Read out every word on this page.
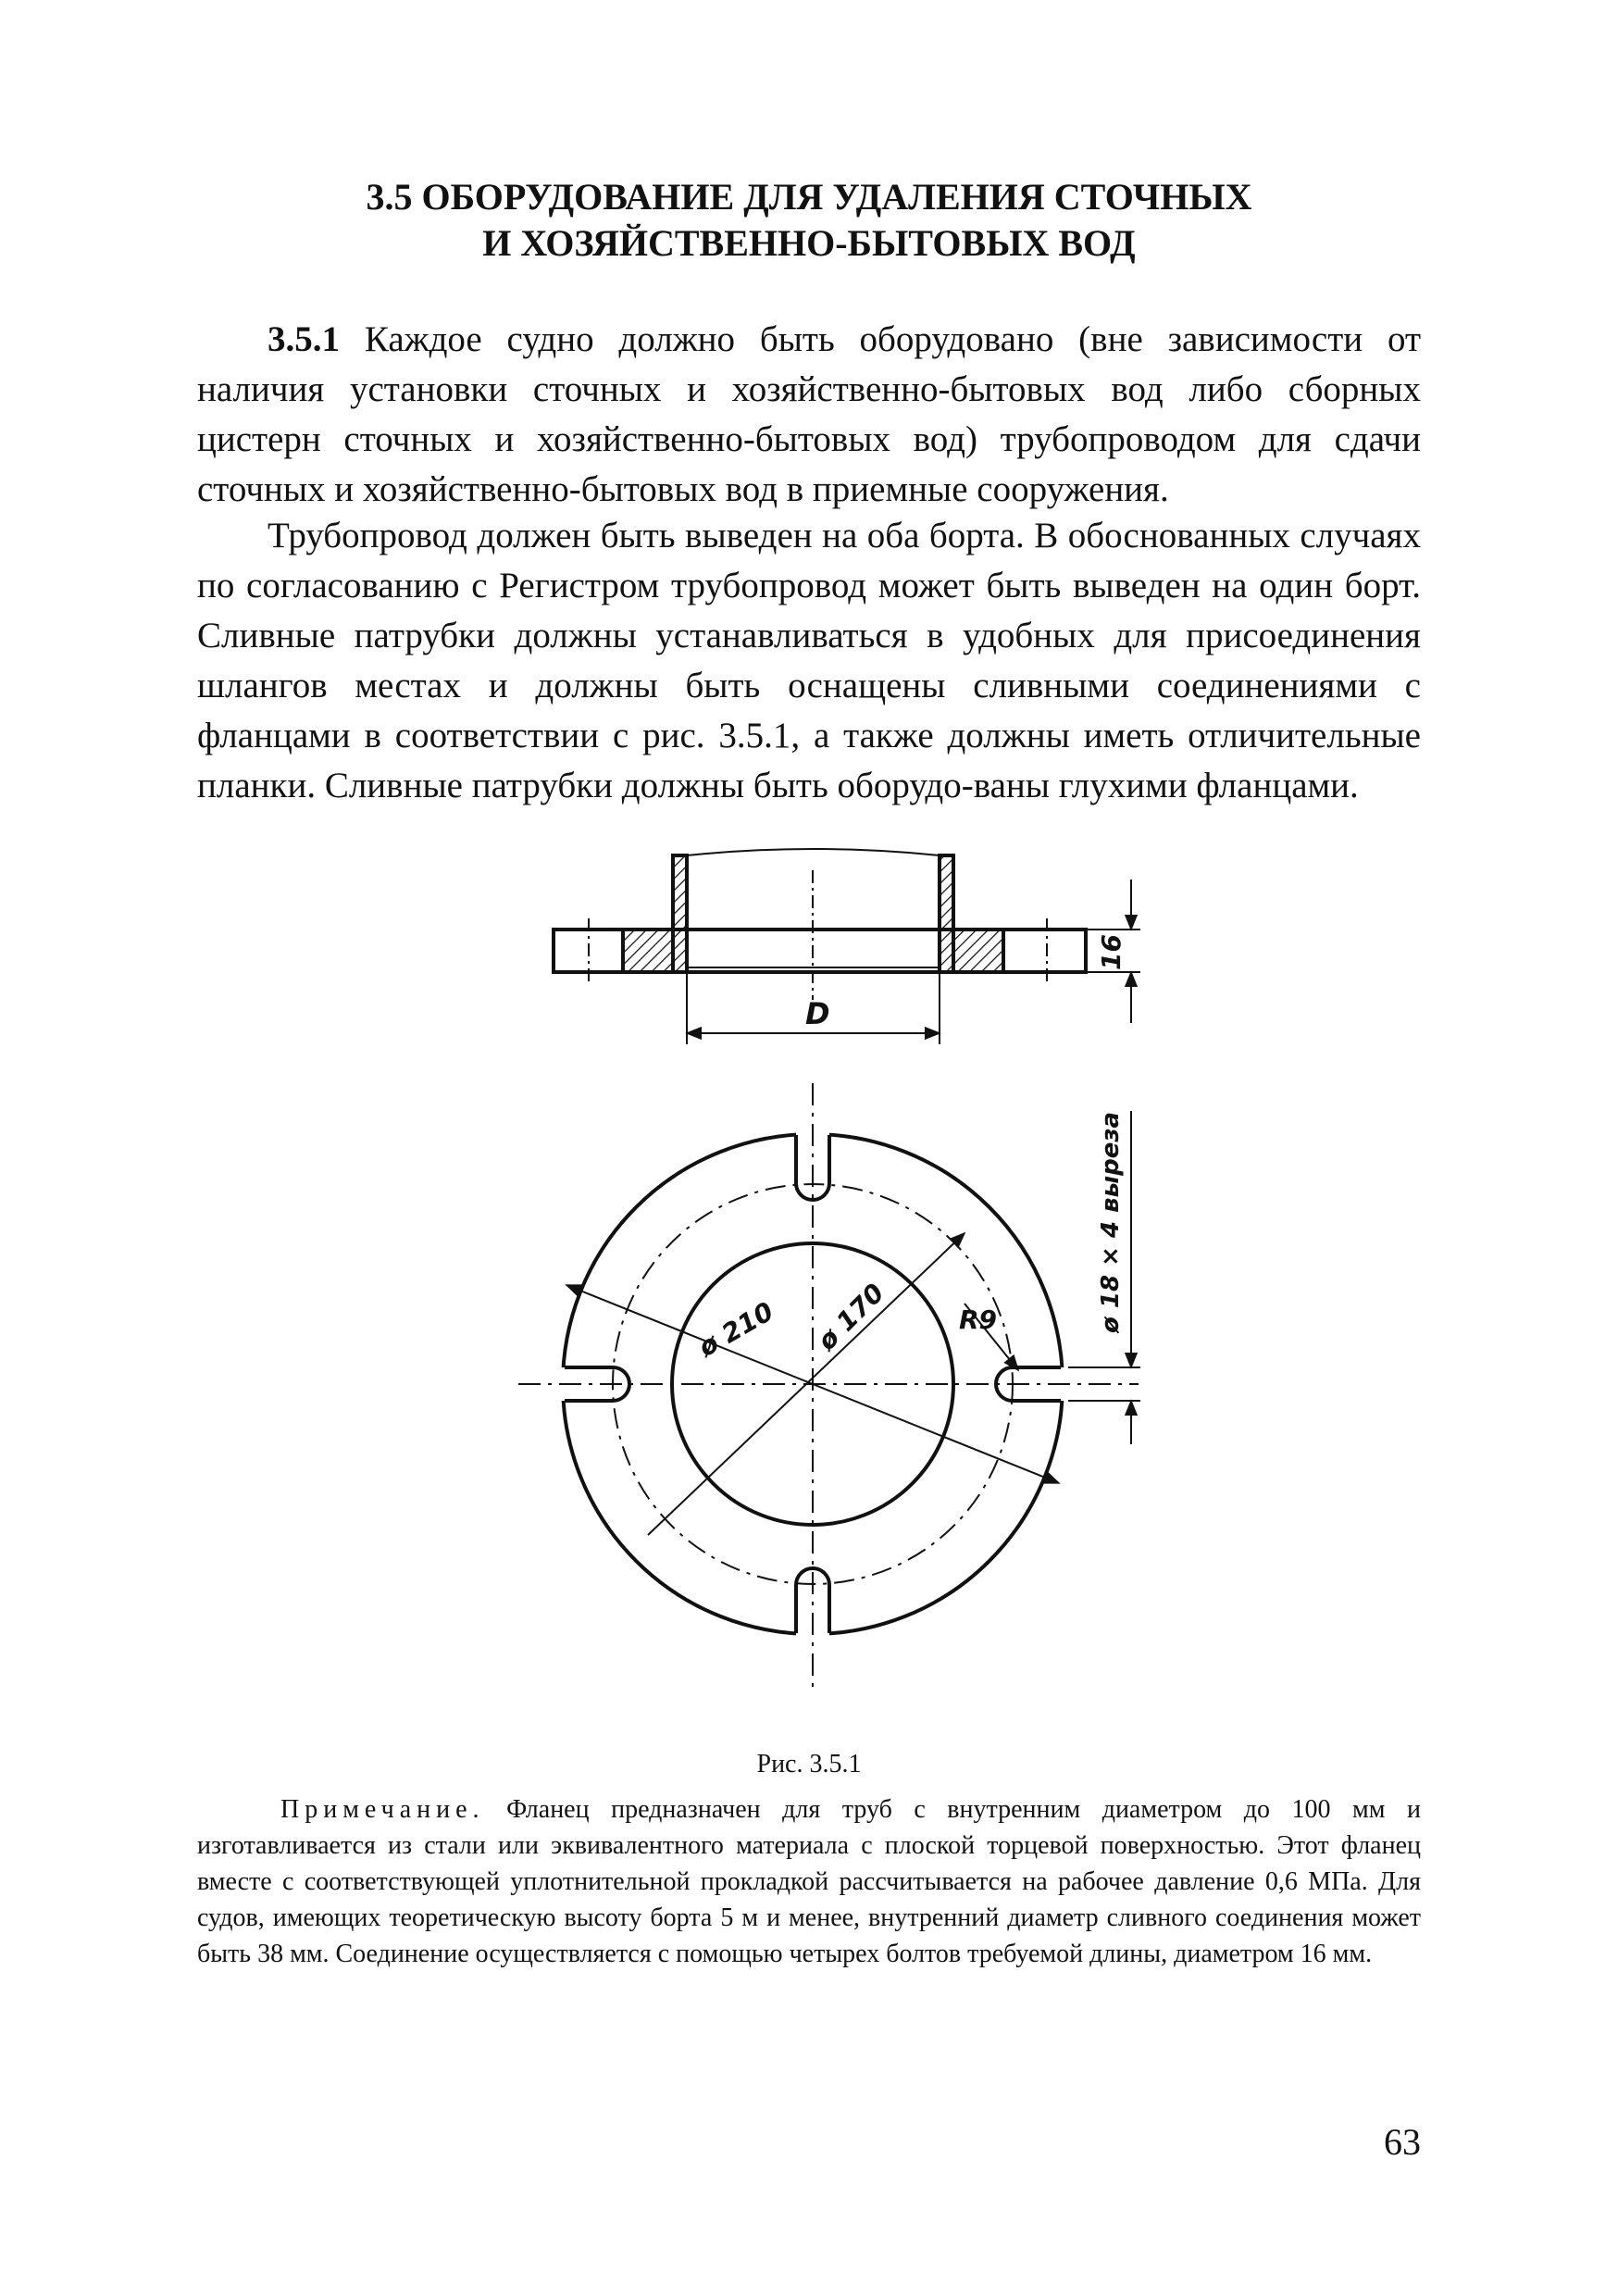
3.5 ОБОРУДОВАНИЕ ДЛЯ УДАЛЕНИЯ СТОЧНЫХ
И ХОЗЯЙСТВЕННО-БЫТОВЫХ ВОД

3.5.1 Каждое судно должно быть оборудовано (вне зависимости от наличия установки сточных и хозяйственно-бытовых вод либо сборных цистерн сточных и хозяйственно-бытовых вод) трубопроводом для сдачи сточных и хозяйственно-бытовых вод в приемные сооружения.

Трубопровод должен быть выведен на оба борта. В обоснованных случаях по согласованию с Регистром трубопровод может быть выведен на один борт. Сливные патрубки должны устанавливаться в удобных для присоединения шлангов местах и должны быть оснащены сливными соединениями с фланцами в соответствии с рис. 3.5.1, а также должны иметь отличительные планки. Сливные патрубки должны быть оборудо-ваны глухими фланцами.

D
16
ø 210 ø 170	R9	ø 18 × 4 вырeза

Рис. 3.5.1

Примечание. Фланец предназначен для труб с внутренним диаметром до 100 мм и изготавливается из стали или эквивалентного материала с плоской торцевой поверхностью. Этот фланец вместе с соответствующей уплотнительной прокладкой рассчитывается на рабочее давление 0,6 МПа. Для судов, имеющих теоретическую высоту борта 5 м и менее, внутренний диаметр сливного соединения может быть 38 мм. Соединение осуществляется с помощью четырех болтов требуемой длины, диаметром 16 мм.

63
